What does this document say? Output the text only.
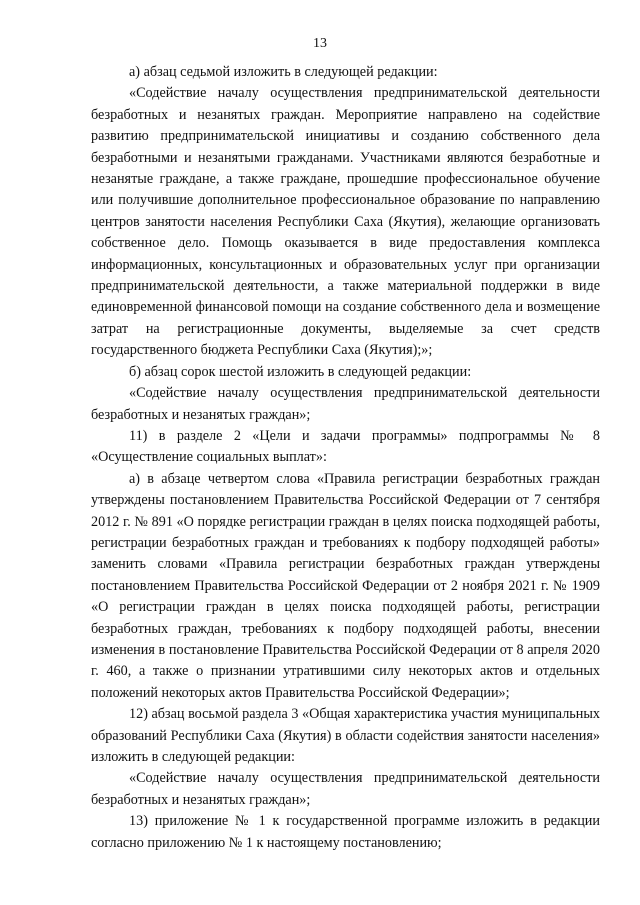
13

а) абзац седьмой изложить в следующей редакции:

«Содействие началу осуществления предпринимательской деятельности безработных и незанятых граждан. Мероприятие направлено на содействие развитию предпринимательской инициативы и созданию собственного дела безработными и незанятыми гражданами. Участниками являются безработные и незанятые граждане, а также граждане, прошедшие профессиональное обучение или получившие дополнительное профессиональное образование по направлению центров занятости населения Республики Саха (Якутия), желающие организовать собственное дело. Помощь оказывается в виде предоставления комплекса информационных, консультационных и образовательных услуг при организации предпринимательской деятельности, а также материальной поддержки в виде единовременной финансовой помощи на создание собственного дела и возмещение затрат на регистрационные документы, выделяемые за счет средств государственного бюджета Республики Саха (Якутия);»;

б) абзац сорок шестой изложить в следующей редакции:

«Содействие началу осуществления предпринимательской деятельности безработных и незанятых граждан»;

11) в разделе 2 «Цели и задачи программы» подпрограммы № 8 «Осуществление социальных выплат»:

а) в абзаце четвертом слова «Правила регистрации безработных граждан утверждены постановлением Правительства Российской Федерации от 7 сентября 2012 г. № 891 «О порядке регистрации граждан в целях поиска подходящей работы, регистрации безработных граждан и требованиях к подбору подходящей работы» заменить словами «Правила регистрации безработных граждан утверждены постановлением Правительства Российской Федерации от 2 ноября 2021 г. № 1909 «О регистрации граждан в целях поиска подходящей работы, регистрации безработных граждан, требованиях к подбору подходящей работы, внесении изменения в постановление Правительства Российской Федерации от 8 апреля 2020 г. 460, а также о признании утратившими силу некоторых актов и отдельных положений некоторых актов Правительства Российской Федерации»;

12) абзац восьмой раздела 3 «Общая характеристика участия муниципальных образований Республики Саха (Якутия) в области содействия занятости населения» изложить в следующей редакции:

«Содействие началу осуществления предпринимательской деятельности безработных и незанятых граждан»;

13) приложение № 1 к государственной программе изложить в редакции согласно приложению № 1 к настоящему постановлению;
